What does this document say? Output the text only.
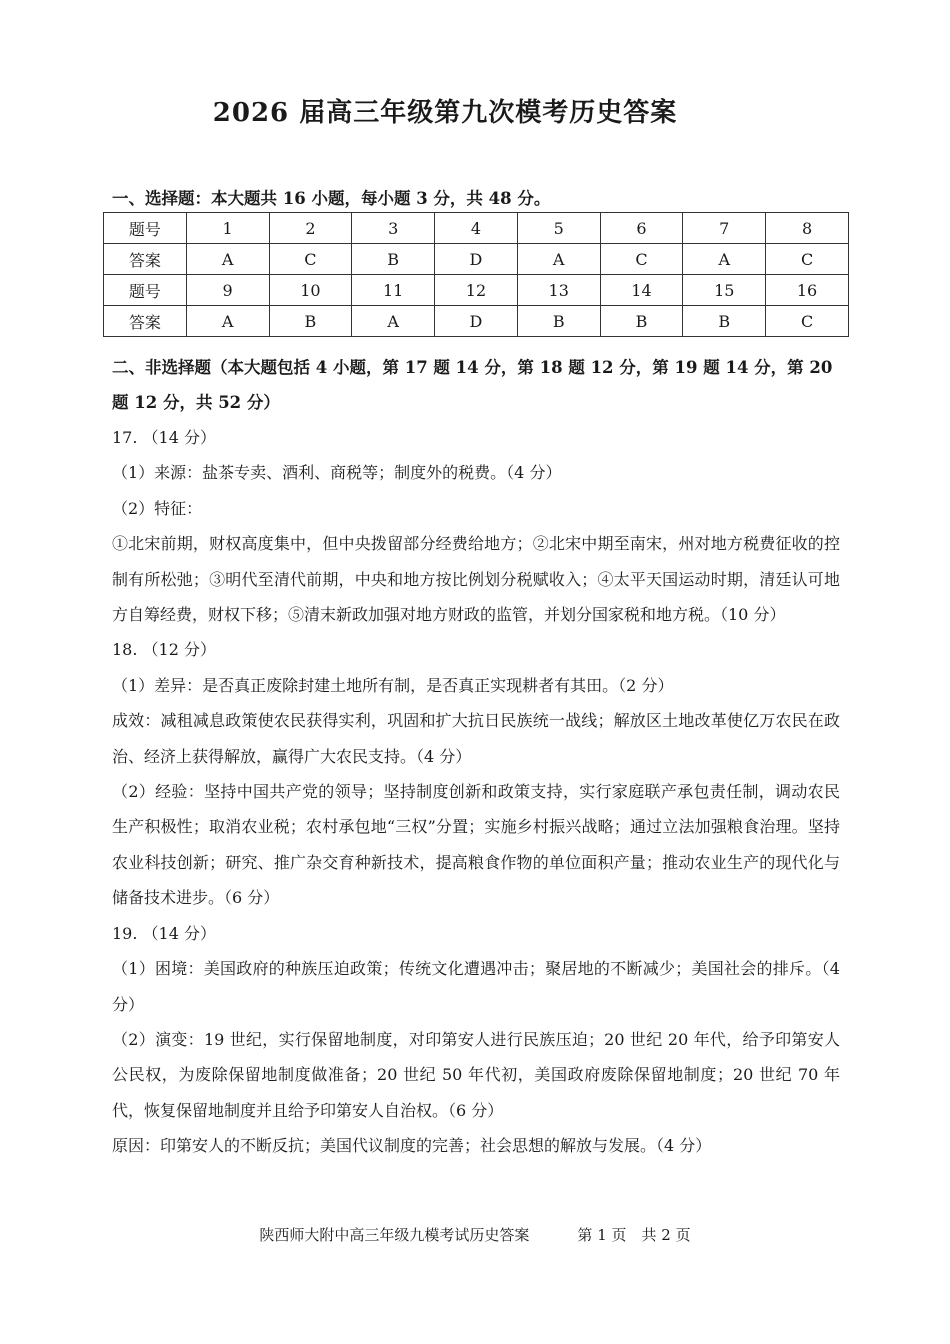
2026 届高三年级第九次模考历史答案
一、选择题：本大题共 16 小题，每小题 3 分，共 48 分。
题号	1	2	3	4	5	6	7	8
答案	A	C	B	D	A	C	A	C
题号	9	10	11	12	13	14	15	16
答案	A	B	A	D	B	B	B	C
二、非选择题（本大题包括 4 小题，第 17 题 14 分，第 18 题 12 分，第 19 题 14 分，第 20
题 12 分，共 52 分）

17. （14 分）

（1）来源：盐茶专卖、酒利、商税等；制度外的税费。（4 分）

（2）特征：

①北宋前期，财权高度集中，但中央拨留部分经费给地方；②北宋中期至南宋，州对地方税费征收的控制有所松弛；③明代至清代前期，中央和地方按比例划分税赋收入；④太平天国运动时期，清廷认可地方自筹经费，财权下移；⑤清末新政加强对地方财政的监管，并划分国家税和地方税。（10 分）

18. （12 分）

（1）差异：是否真正废除封建土地所有制，是否真正实现耕者有其田。（2 分）

成效：减租减息政策使农民获得实利，巩固和扩大抗日民族统一战线；解放区土地改革使亿万农民在政治、经济上获得解放，赢得广大农民支持。（4 分）

（2）经验：坚持中国共产党的领导；坚持制度创新和政策支持，实行家庭联产承包责任制，调动农民生产积极性；取消农业税；农村承包地“三权”分置；实施乡村振兴战略；通过立法加强粮食治理。坚持农业科技创新；研究、推广杂交育种新技术，提高粮食作物的单位面积产量；推动农业生产的现代化与储备技术进步。（6 分）

19. （14 分）

（1）困境：美国政府的种族压迫政策；传统文化遭遇冲击；聚居地的不断减少；美国社会的排斥。（4 分）

（2）演变：19 世纪，实行保留地制度，对印第安人进行民族压迫；20 世纪 20 年代，给予印第安人公民权，为废除保留地制度做准备；20 世纪 50 年代初，美国政府废除保留地制度；20 世纪 70 年代，恢复保留地制度并且给予印第安人自治权。（6 分）

原因：印第安人的不断反抗；美国代议制度的完善；社会思想的解放与发展。（4 分）

陕西师大附中高三年级九模考试历史答案	第 1 页　共 2 页
